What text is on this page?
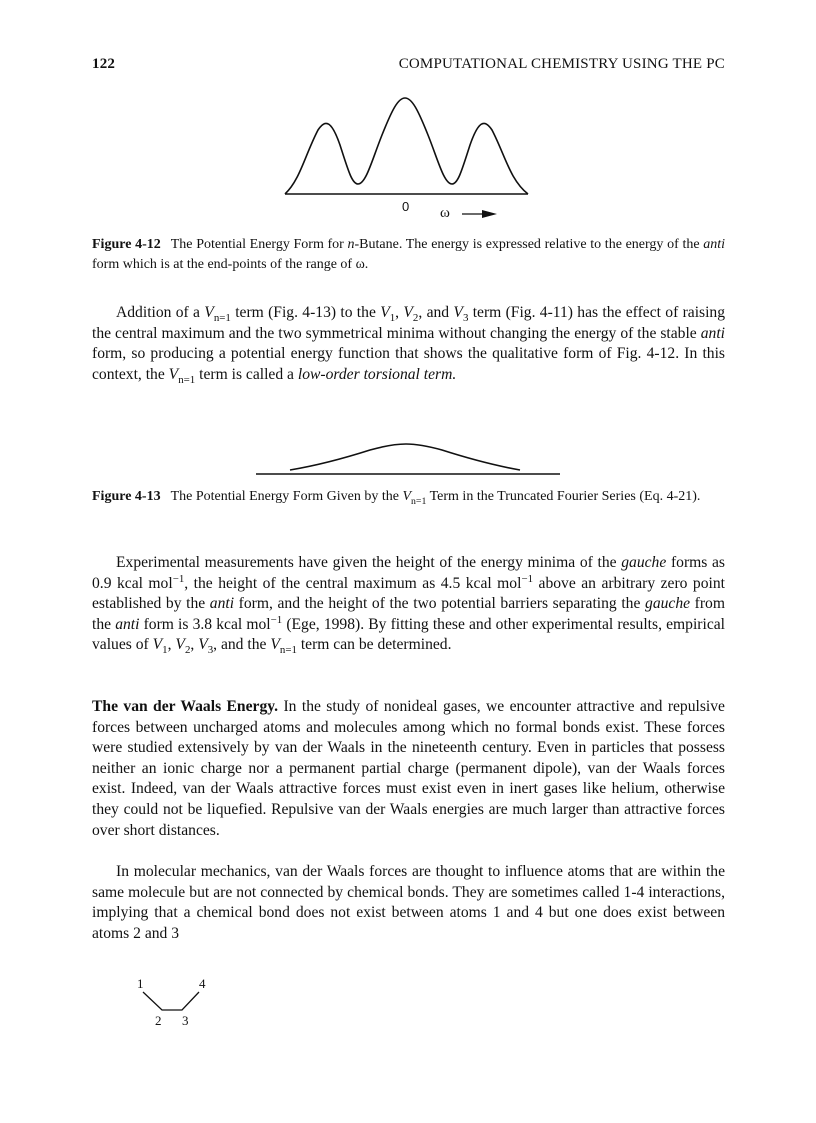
122	COMPUTATIONAL CHEMISTRY USING THE PC
0 ω
Figure 4-12 The Potential Energy Form for n-Butane. The energy is expressed relative to the energy of the anti form which is at the end-points of the range of ω.

Addition of a $V_{n=1}$ term (Fig. 4-13) to the $V_1$, $V_2$, and $V_3$ term (Fig. 4-11) has the effect of raising the central maximum and the two symmetrical minima without changing the energy of the stable anti form, so producing a potential energy function that shows the qualitative form of Fig. 4-12. In this context, the $V_{n=1}$ term is called a low-order torsional term.

Figure 4-13 The Potential Energy Form Given by the $V_{n=1}$ Term in the Truncated Fourier Series (Eq. 4-21).

Experimental measurements have given the height of the energy minima of the gauche forms as 0.9 kcal mol$^{-1}$, the height of the central maximum as 4.5 kcal mol$^{-1}$ above an arbitrary zero point established by the anti form, and the height of the two potential barriers separating the gauche from the anti form is 3.8 kcal mol$^{-1}$ (Ege, 1998). By fitting these and other experimental results, empirical values of $V_1$, $V_2$, $V_3$, and the $V_{n=1}$ term can be determined.

The van der Waals Energy. In the study of nonideal gases, we encounter attractive and repulsive forces between uncharged atoms and molecules among which no formal bonds exist. These forces were studied extensively by van der Waals in the nineteenth century. Even in particles that possess neither an ionic charge nor a permanent partial charge (permanent dipole), van der Waals forces exist. Indeed, van der Waals attractive forces must exist even in inert gases like helium, otherwise they could not be liquefied. Repulsive van der Waals energies are much larger than attractive forces over short distances.

In molecular mechanics, van der Waals forces are thought to influence atoms that are within the same molecule but are not connected by chemical bonds. They are sometimes called 1-4 interactions, implying that a chemical bond does not exist between atoms 1 and 4 but one does exist between atoms 2 and 3

1	4
2 3
